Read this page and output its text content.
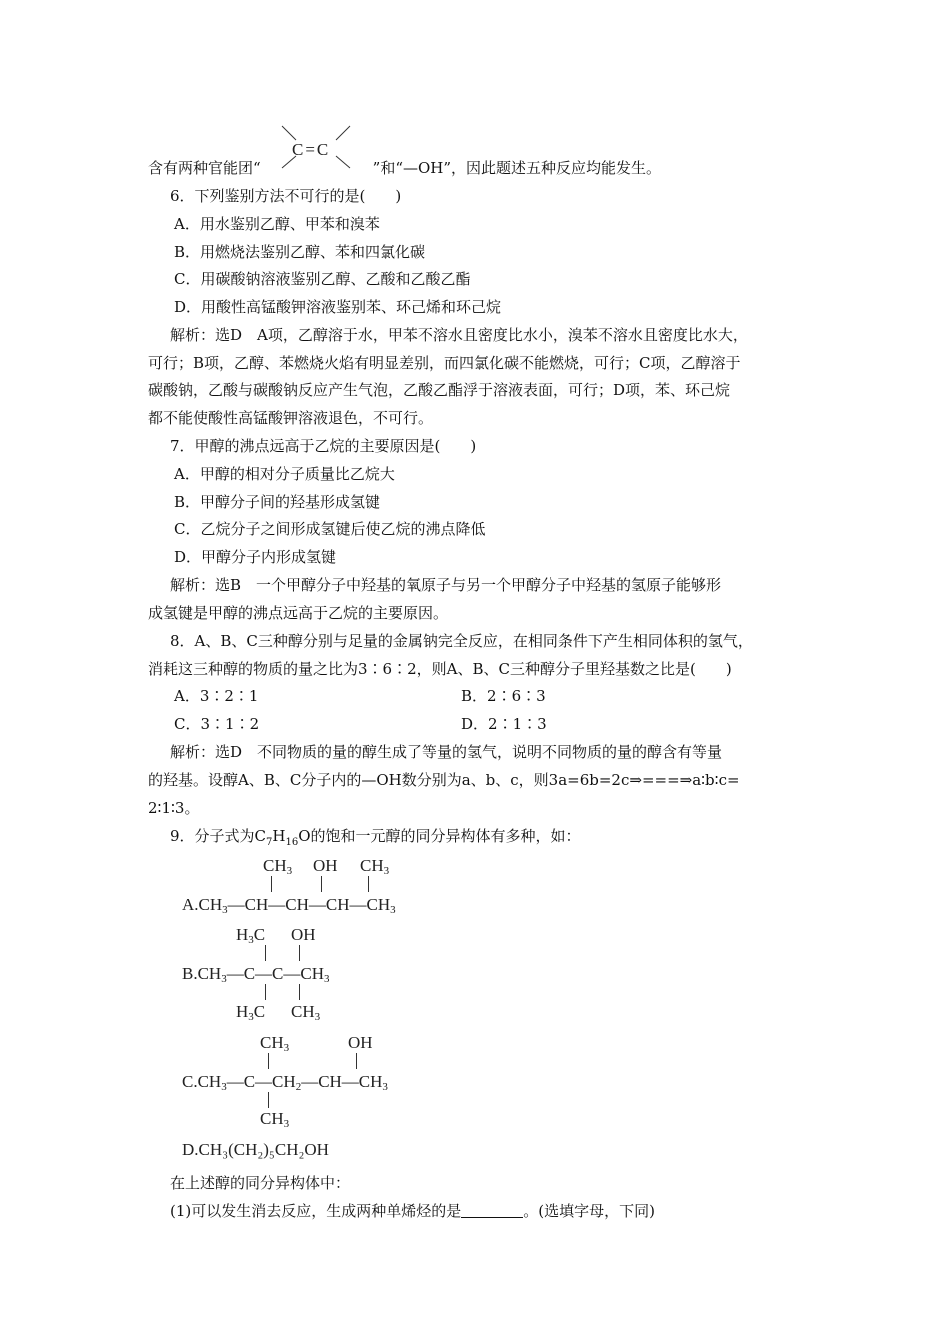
C=C
含有两种官能团“	”和“—OH”，因此题述五种反应均能发生。
6．下列鉴别方法不可行的是(　　)
A．用水鉴别乙醇、甲苯和溴苯
B．用燃烧法鉴别乙醇、苯和四氯化碳
C．用碳酸钠溶液鉴别乙醇、乙酸和乙酸乙酯
D．用酸性高锰酸钾溶液鉴别苯、环己烯和环己烷
解析：选D　A项，乙醇溶于水，甲苯不溶水且密度比水小，溴苯不溶水且密度比水大，
可行；B项，乙醇、苯燃烧火焰有明显差别，而四氯化碳不能燃烧，可行；C项，乙醇溶于
碳酸钠，乙酸与碳酸钠反应产生气泡，乙酸乙酯浮于溶液表面，可行；D项，苯、环己烷
都不能使酸性高锰酸钾溶液退色，不可行。
7．甲醇的沸点远高于乙烷的主要原因是(　　)
A．甲醇的相对分子质量比乙烷大
B．甲醇分子间的羟基形成氢键
C．乙烷分子之间形成氢键后使乙烷的沸点降低
D．甲醇分子内形成氢键
解析：选B　一个甲醇分子中羟基的氧原子与另一个甲醇分子中羟基的氢原子能够形
成氢键是甲醇的沸点远高于乙烷的主要原因。
8．A、B、C三种醇分别与足量的金属钠完全反应，在相同条件下产生相同体积的氢气，
消耗这三种醇的物质的量之比为3∶6∶2，则A、B、C三种醇分子里羟基数之比是(　　)
A．3∶2∶1	B．2∶6∶3
C．3∶1∶2	D．2∶1∶3
解析：选D　不同物质的量的醇生成了等量的氢气，说明不同物质的量的醇含有等量
的羟基。设醇A、B、C分子内的—OH数分别为a、b、c，则3a=6b=2c⇒===⇒a∶b∶c=
2∶1∶3。
9．分子式为$C_7H_{16}O$的饱和一元醇的同分异构体有多种，如：
$CH_3$ OH $CH_3$
$A.CH_3—CH—CH—CH—CH_3$
$H_3C$ OH
$B.CH_3—C—C—CH_3$
$H_3C$ $CH_3$
$CH_3$	OH
$C.CH_3—C—CH_2—CH—CH_3$
$CH_3$
D.CH₃(CH₂)₅CH₂OH
在上述醇的同分异构体中：
(1)可以发生消去反应，生成两种单烯烃的是	。(选填字母，下同)
